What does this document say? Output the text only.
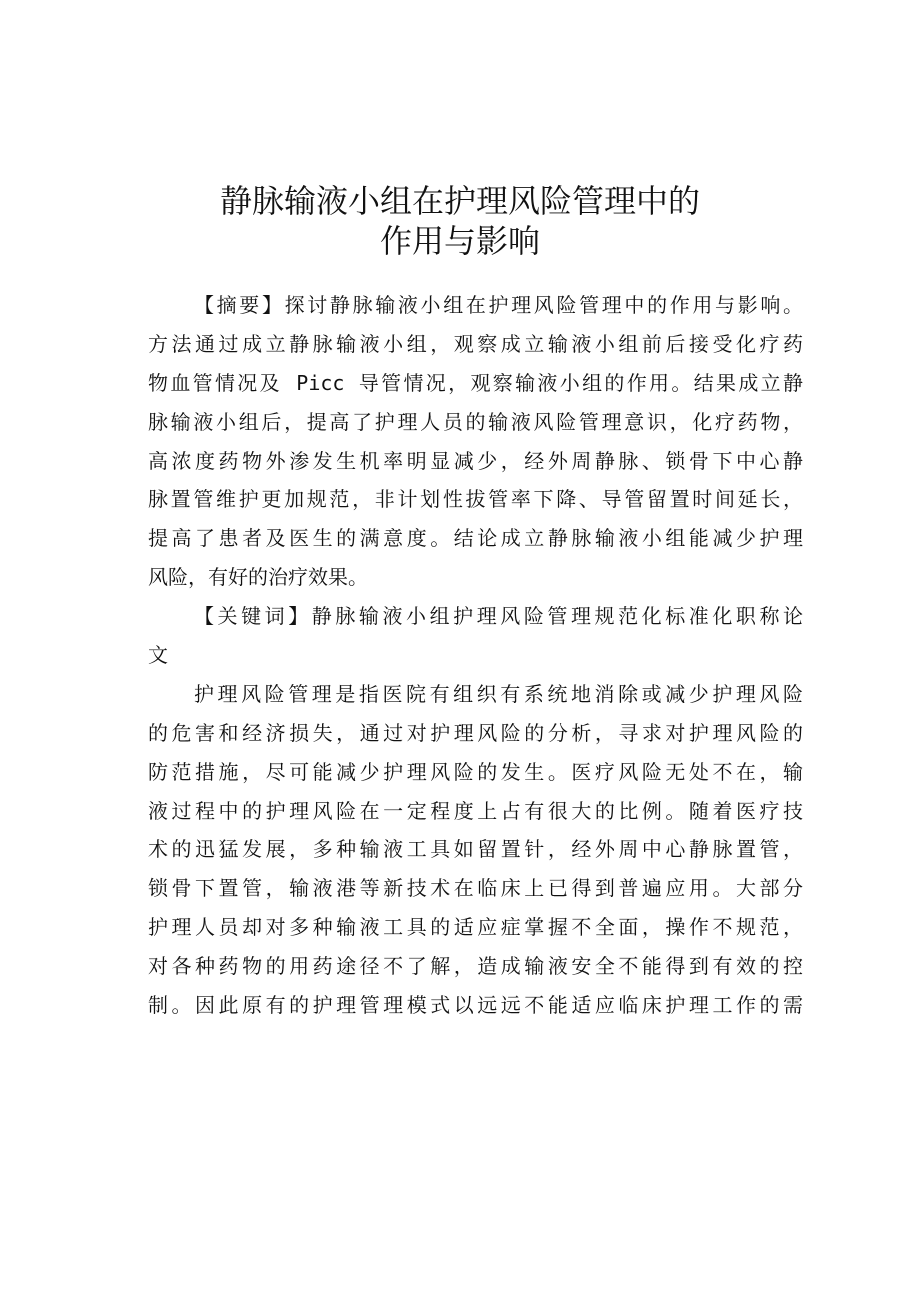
静脉输液小组在护理风险管理中的
作用与影响
【摘要】探讨静脉输液小组在护理风险管理中的作用与影响。
方法通过成立静脉输液小组，观察成立输液小组前后接受化疗药
物血管情况及 Picc 导管情况，观察输液小组的作用。结果成立静
脉输液小组后，提高了护理人员的输液风险管理意识，化疗药物，
高浓度药物外渗发生机率明显减少，经外周静脉、锁骨下中心静
脉置管维护更加规范，非计划性拔管率下降、导管留置时间延长，
提高了患者及医生的满意度。结论成立静脉输液小组能减少护理
风险，有好的治疗效果。
【关键词】静脉输液小组护理风险管理规范化标准化职称论
文
护理风险管理是指医院有组织有系统地消除或减少护理风险
的危害和经济损失，通过对护理风险的分析，寻求对护理风险的
防范措施，尽可能减少护理风险的发生。医疗风险无处不在，输
液过程中的护理风险在一定程度上占有很大的比例。随着医疗技
术的迅猛发展，多种输液工具如留置针，经外周中心静脉置管，
锁骨下置管，输液港等新技术在临床上已得到普遍应用。大部分
护理人员却对多种输液工具的适应症掌握不全面，操作不规范，
对各种药物的用药途径不了解，造成输液安全不能得到有效的控
制。因此原有的护理管理模式以远远不能适应临床护理工作的需
